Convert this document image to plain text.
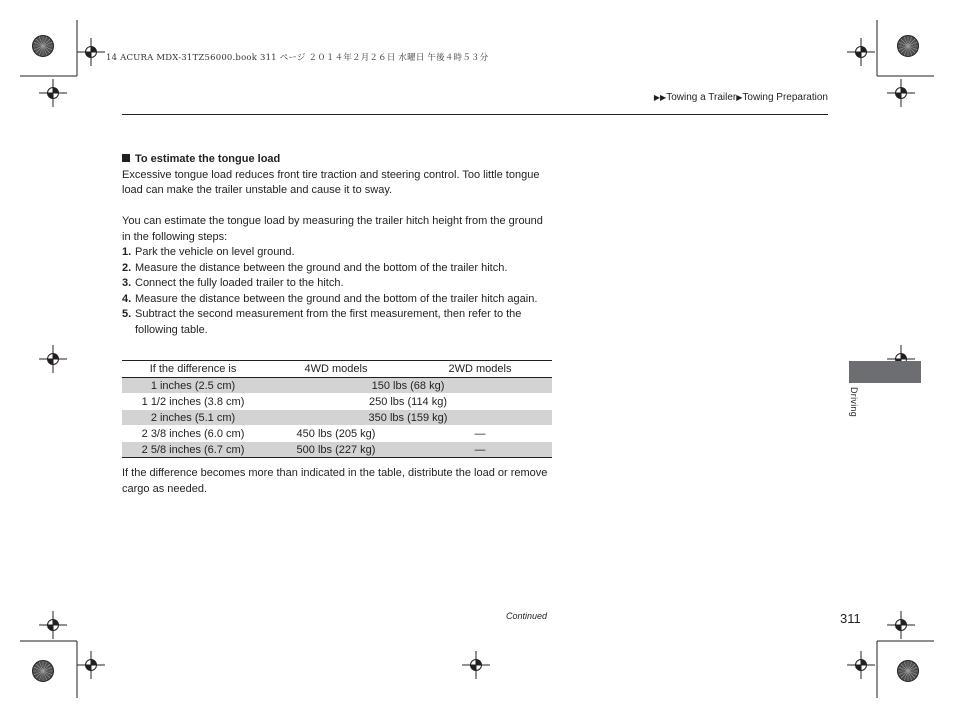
14 ACURA MDX-31TZ56000.book 311 ページ ２０１４年２月２６日 水曜日 午後４時５３分
▶▶Towing a Trailer▶Towing Preparation

To estimate the tongue load

Excessive tongue load reduces front tire traction and steering control. Too little tongue load can make the trailer unstable and cause it to sway.

You can estimate the tongue load by measuring the trailer hitch height from the ground in the following steps:

1. Park the vehicle on level ground.
2. Measure the distance between the ground and the bottom of the trailer hitch.
3. Connect the fully loaded trailer to the hitch.
4. Measure the distance between the ground and the bottom of the trailer hitch again.
5. Subtract the second measurement from the first measurement, then refer to the following table.
If the difference is	4WD models	2WD models
1 inches (2.5 cm)	150 lbs (68 kg)	
1 1/2 inches (3.8 cm)	250 lbs (114 kg)	
2 inches (5.1 cm)	350 lbs (159 kg)	
2 3/8 inches (6.0 cm)	450 lbs (205 kg)	—
2 5/8 inches (6.7 cm)	500 lbs (227 kg)	—

If the difference becomes more than indicated in the table, distribute the load or remove cargo as needed.

Continued	311
Driving
